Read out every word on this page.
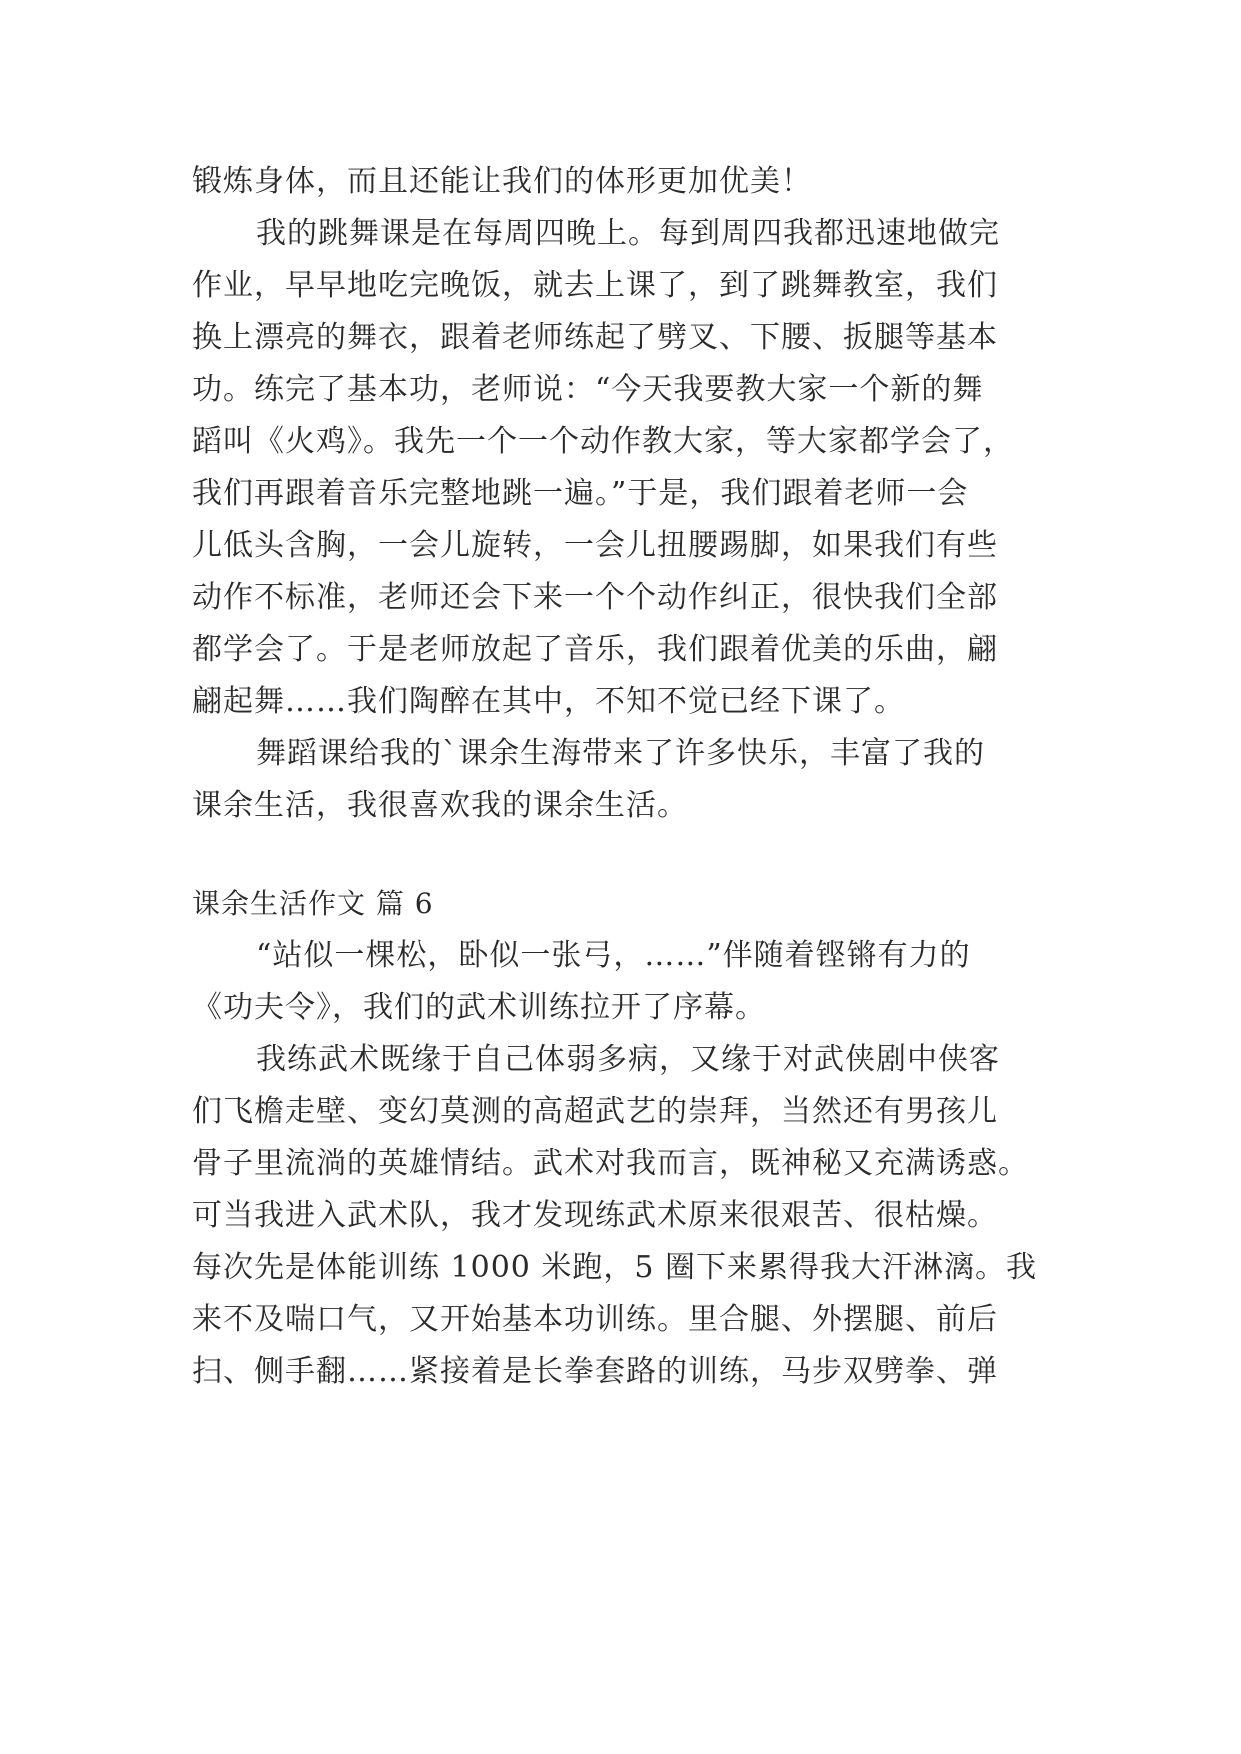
锻炼身体，而且还能让我们的体形更加优美！
我的跳舞课是在每周四晚上。每到周四我都迅速地做完
作业，早早地吃完晚饭，就去上课了，到了跳舞教室，我们
换上漂亮的舞衣，跟着老师练起了劈叉、下腰、扳腿等基本
功。练完了基本功，老师说：“今天我要教大家一个新的舞
蹈叫《火鸡》。我先一个一个动作教大家，等大家都学会了，
我们再跟着音乐完整地跳一遍。”于是，我们跟着老师一会
儿低头含胸，一会儿旋转，一会儿扭腰踢脚，如果我们有些
动作不标准，老师还会下来一个个动作纠正，很快我们全部
都学会了。于是老师放起了音乐，我们跟着优美的乐曲，翩
翩起舞……我们陶醉在其中，不知不觉已经下课了。
舞蹈课给我的`课余生海带来了许多快乐，丰富了我的
课余生活，我很喜欢我的课余生活。
课余生活作文 篇 6
“站似一棵松，卧似一张弓，……”伴随着铿锵有力的
《功夫令》，我们的武术训练拉开了序幕。
我练武术既缘于自己体弱多病，又缘于对武侠剧中侠客
们飞檐走壁、变幻莫测的高超武艺的崇拜，当然还有男孩儿
骨子里流淌的英雄情结。武术对我而言，既神秘又充满诱惑。
可当我进入武术队，我才发现练武术原来很艰苦、很枯燥。
每次先是体能训练 1000 米跑，5 圈下来累得我大汗淋漓。我
来不及喘口气，又开始基本功训练。里合腿、外摆腿、前后
扫、侧手翻……紧接着是长拳套路的训练，马步双劈拳、弹
